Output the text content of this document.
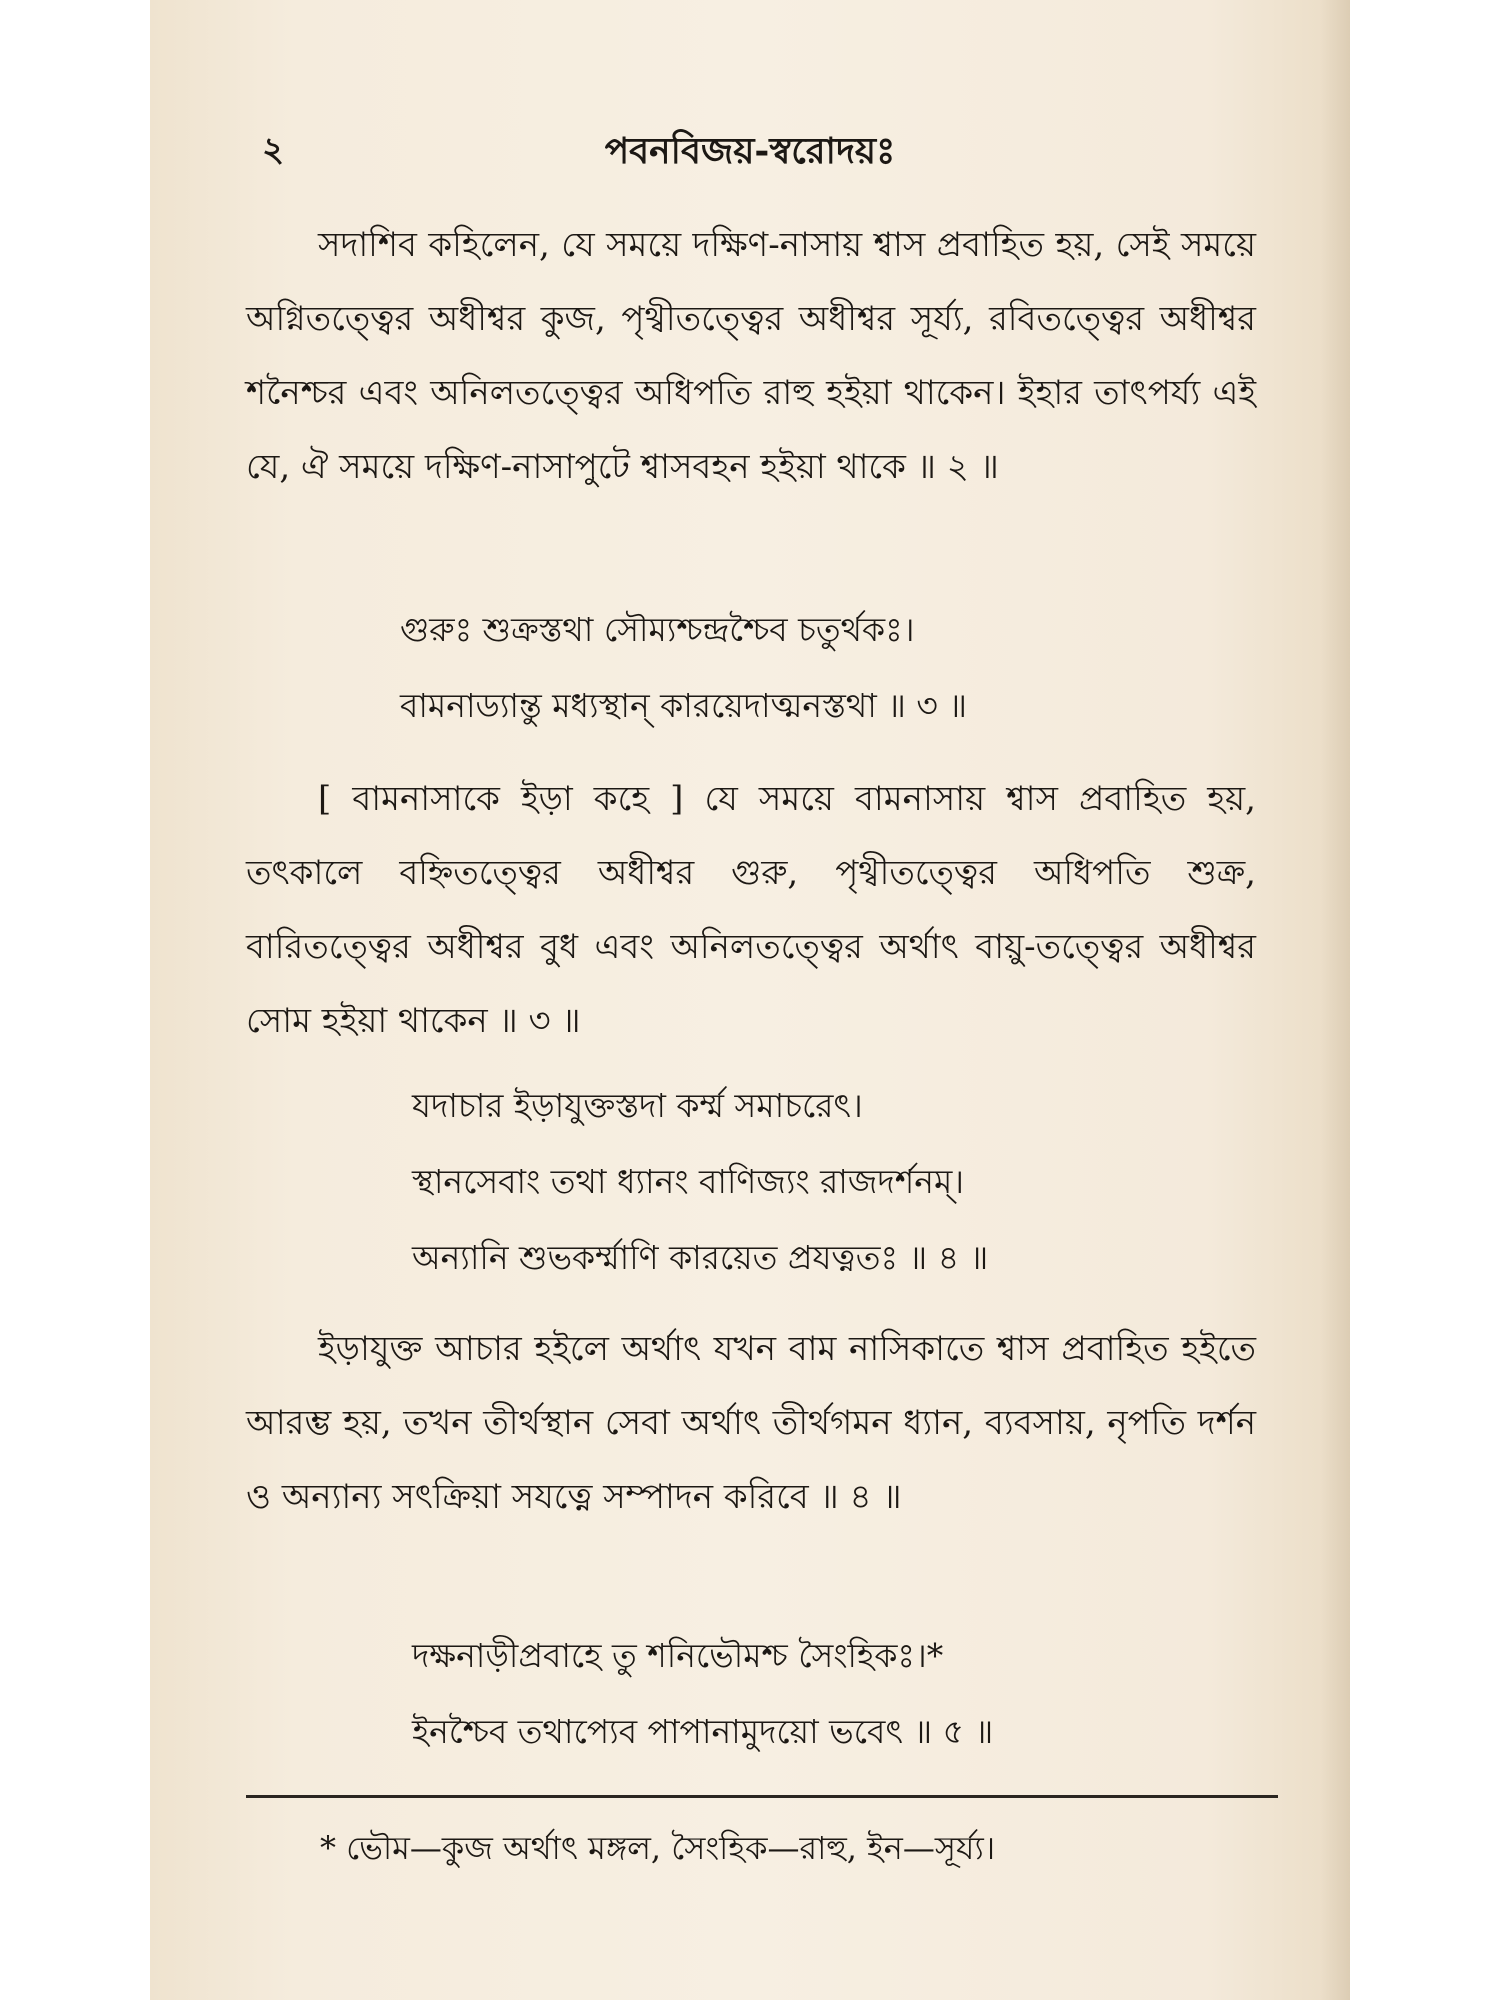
২	পবনবিজয়-স্বরোদয়ঃ

সদাশিব কহিলেন, যে সময়ে দক্ষিণ-নাসায় শ্বাস প্রবাহিত হয়, সেই সময়ে অগ্নিতত্ত্বের অধীশ্বর কুজ, পৃথ্বীতত্ত্বের অধীশ্বর সূর্য্য, রবিতত্ত্বের অধীশ্বর শনৈশ্চর এবং অনিলতত্ত্বের অধিপতি রাহু হইয়া থাকেন। ইহার তাৎপর্য্য এই যে, ঐ সময়ে দক্ষিণ-নাসাপুটে শ্বাসবহন হইয়া থাকে ॥ ২ ॥

গুরুঃ শুক্রস্তথা সৌম্যশ্চন্দ্রশ্চৈব চতুর্থকঃ।
বামনাড্যান্তু মধ্যস্থান্ কারয়েদাত্মনস্তথা ॥ ৩ ॥

[ বামনাসাকে ইড়া কহে ] যে সময়ে বামনাসায় শ্বাস প্রবাহিত হয়, তৎকালে বহ্নিতত্ত্বের অধীশ্বর গুরু, পৃথ্বীতত্ত্বের অধিপতি শুক্র, বারিতত্ত্বের অধীশ্বর বুধ এবং অনিলতত্ত্বের অর্থাৎ বায়ু-তত্ত্বের অধীশ্বর সোম হইয়া থাকেন ॥ ৩ ॥

যদাচার ইড়াযুক্তস্তদা কর্ম্ম সমাচরেৎ।
স্থানসেবাং তথা ধ্যানং বাণিজ্যং রাজদর্শনম্।
অন্যানি শুভকর্ম্মাণি কারয়েত প্রযত্নতঃ ॥ ৪ ॥

ইড়াযুক্ত আচার হইলে অর্থাৎ যখন বাম নাসিকাতে শ্বাস প্রবাহিত হইতে আরম্ভ হয়, তখন তীর্থস্থান সেবা অর্থাৎ তীর্থগমন ধ্যান, ব্যবসায়, নৃপতি দর্শন ও অন্যান্য সৎক্রিয়া সযত্নে সম্পাদন করিবে ॥ ৪ ॥

দক্ষনাড়ীপ্রবাহে তু শনিভৌমশ্চ সৈংহিকঃ।*
ইনশ্চৈব তথাপ্যেব পাপানামুদয়ো ভবেৎ ॥ ৫ ॥

* ভৌম—কুজ অর্থাৎ মঙ্গল, সৈংহিক—রাহু, ইন—সূর্য্য।
